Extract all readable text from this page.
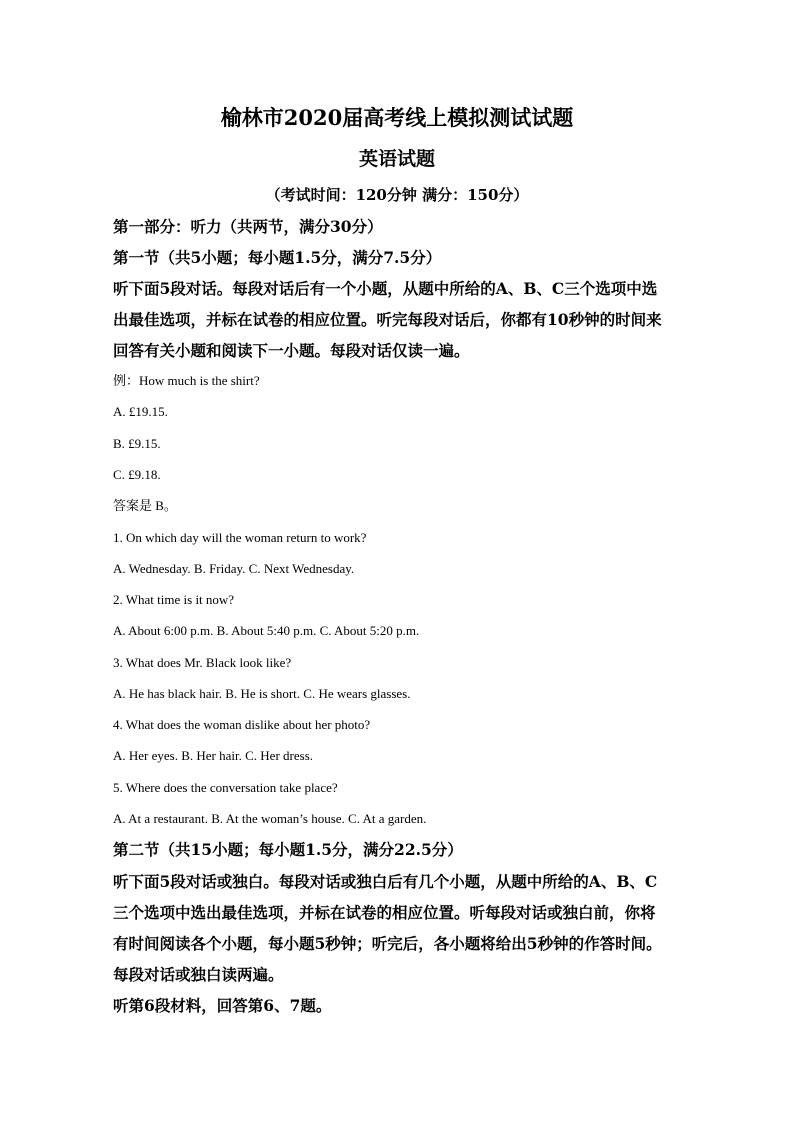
榆林市2020届高考线上模拟测试试题
英语试题
（考试时间：120分钟 满分：150分）
第一部分：听力（共两节，满分30分）
第一节（共5小题；每小题1.5分，满分7.5分）
听下面5段对话。每段对话后有一个小题，从题中所给的A、B、C三个选项中选
出最佳选项，并标在试卷的相应位置。听完每段对话后，你都有10秒钟的时间来
回答有关小题和阅读下一小题。每段对话仅读一遍。
例：How much is the shirt?
A. £19.15.
B. £9.15.
C. £9.18.
答案是 B。
1. On which day will the woman return to work?
A. Wednesday. B. Friday. C. Next Wednesday.
2. What time is it now?
A. About 6:00 p.m. B. About 5:40 p.m. C. About 5:20 p.m.
3. What does Mr. Black look like?
A. He has black hair. B. He is short. C. He wears glasses.
4. What does the woman dislike about her photo?
A. Her eyes. B. Her hair. C. Her dress.
5. Where does the conversation take place?
A. At a restaurant. B. At the woman’s house. C. At a garden.
第二节（共15小题；每小题1.5分，满分22.5分）
听下面5段对话或独白。每段对话或独白后有几个小题，从题中所给的A、B、C
三个选项中选出最佳选项，并标在试卷的相应位置。听每段对话或独白前，你将
有时间阅读各个小题，每小题5秒钟；听完后，各小题将给出5秒钟的作答时间。
每段对话或独白读两遍。
听第6段材料，回答第6、7题。
